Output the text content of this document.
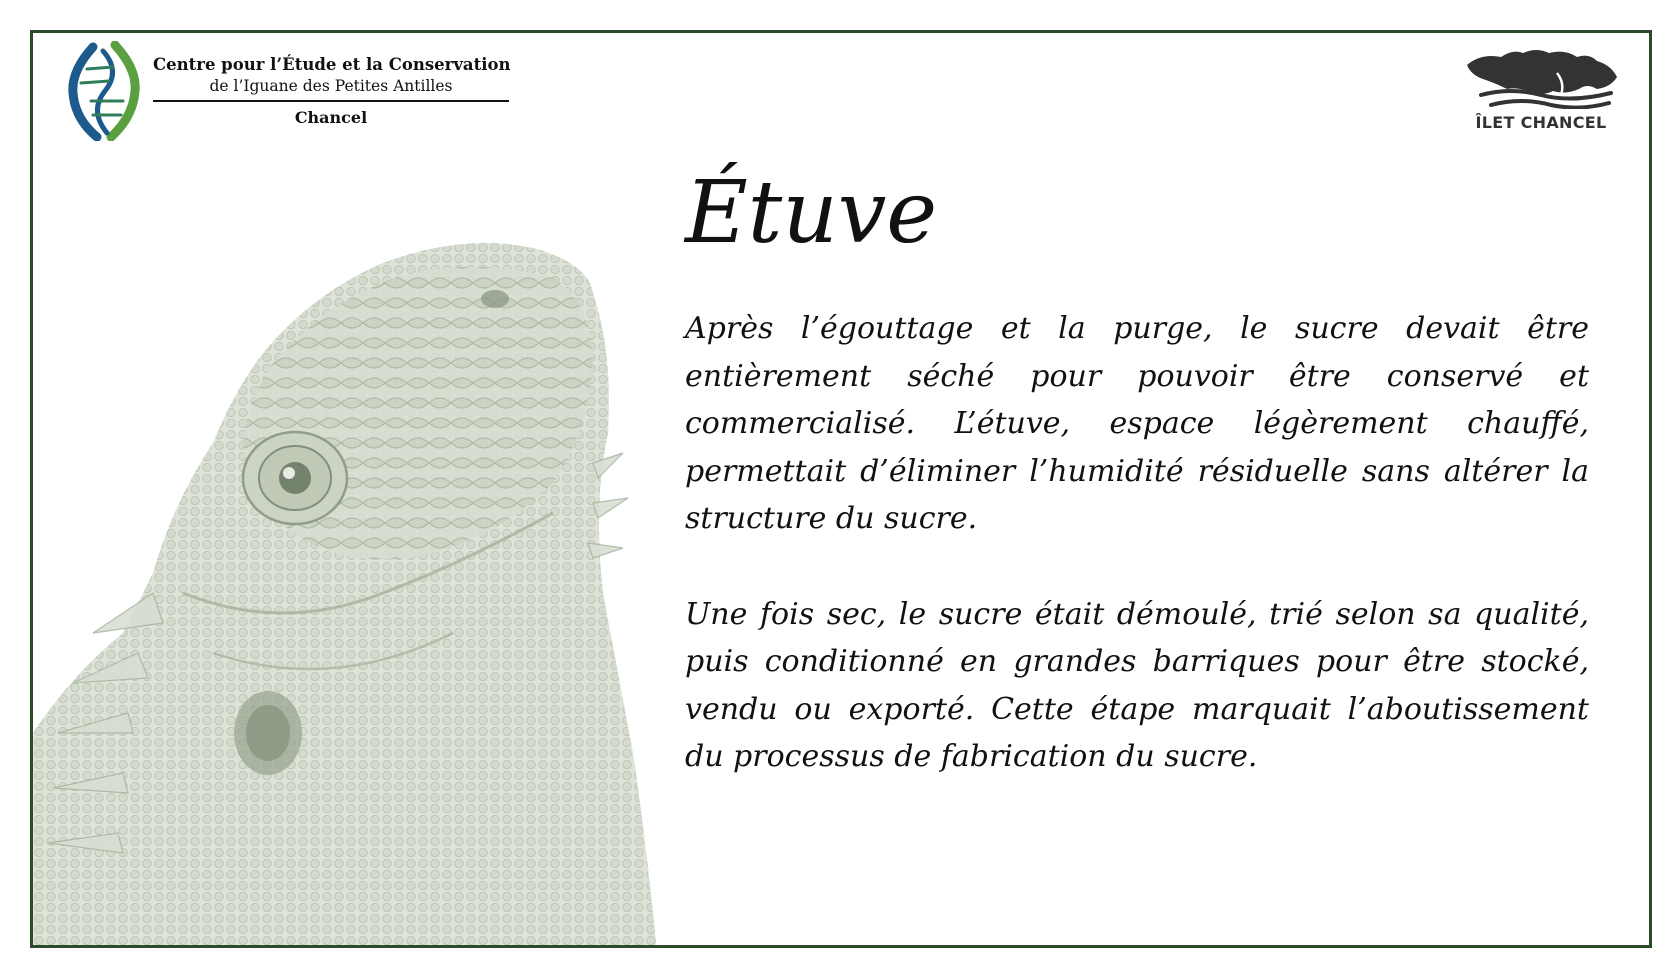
Centre pour l’Étude et la Conservation
de l’Iguane des Petites Antilles
Chancel	ÎLET CHANCEL
Étuve

Après l’égouttage et la purge, le sucre devait être entièrement séché pour pouvoir être conservé et commercialisé. L’étuve, espace légèrement chauffé, permettait d’éliminer l’humidité résiduelle sans altérer la structure du sucre.

Une fois sec, le sucre était démoulé, trié selon sa qualité, puis conditionné en grandes barriques pour être stocké, vendu ou exporté. Cette étape marquait l’aboutissement du processus de fabrication du sucre.
